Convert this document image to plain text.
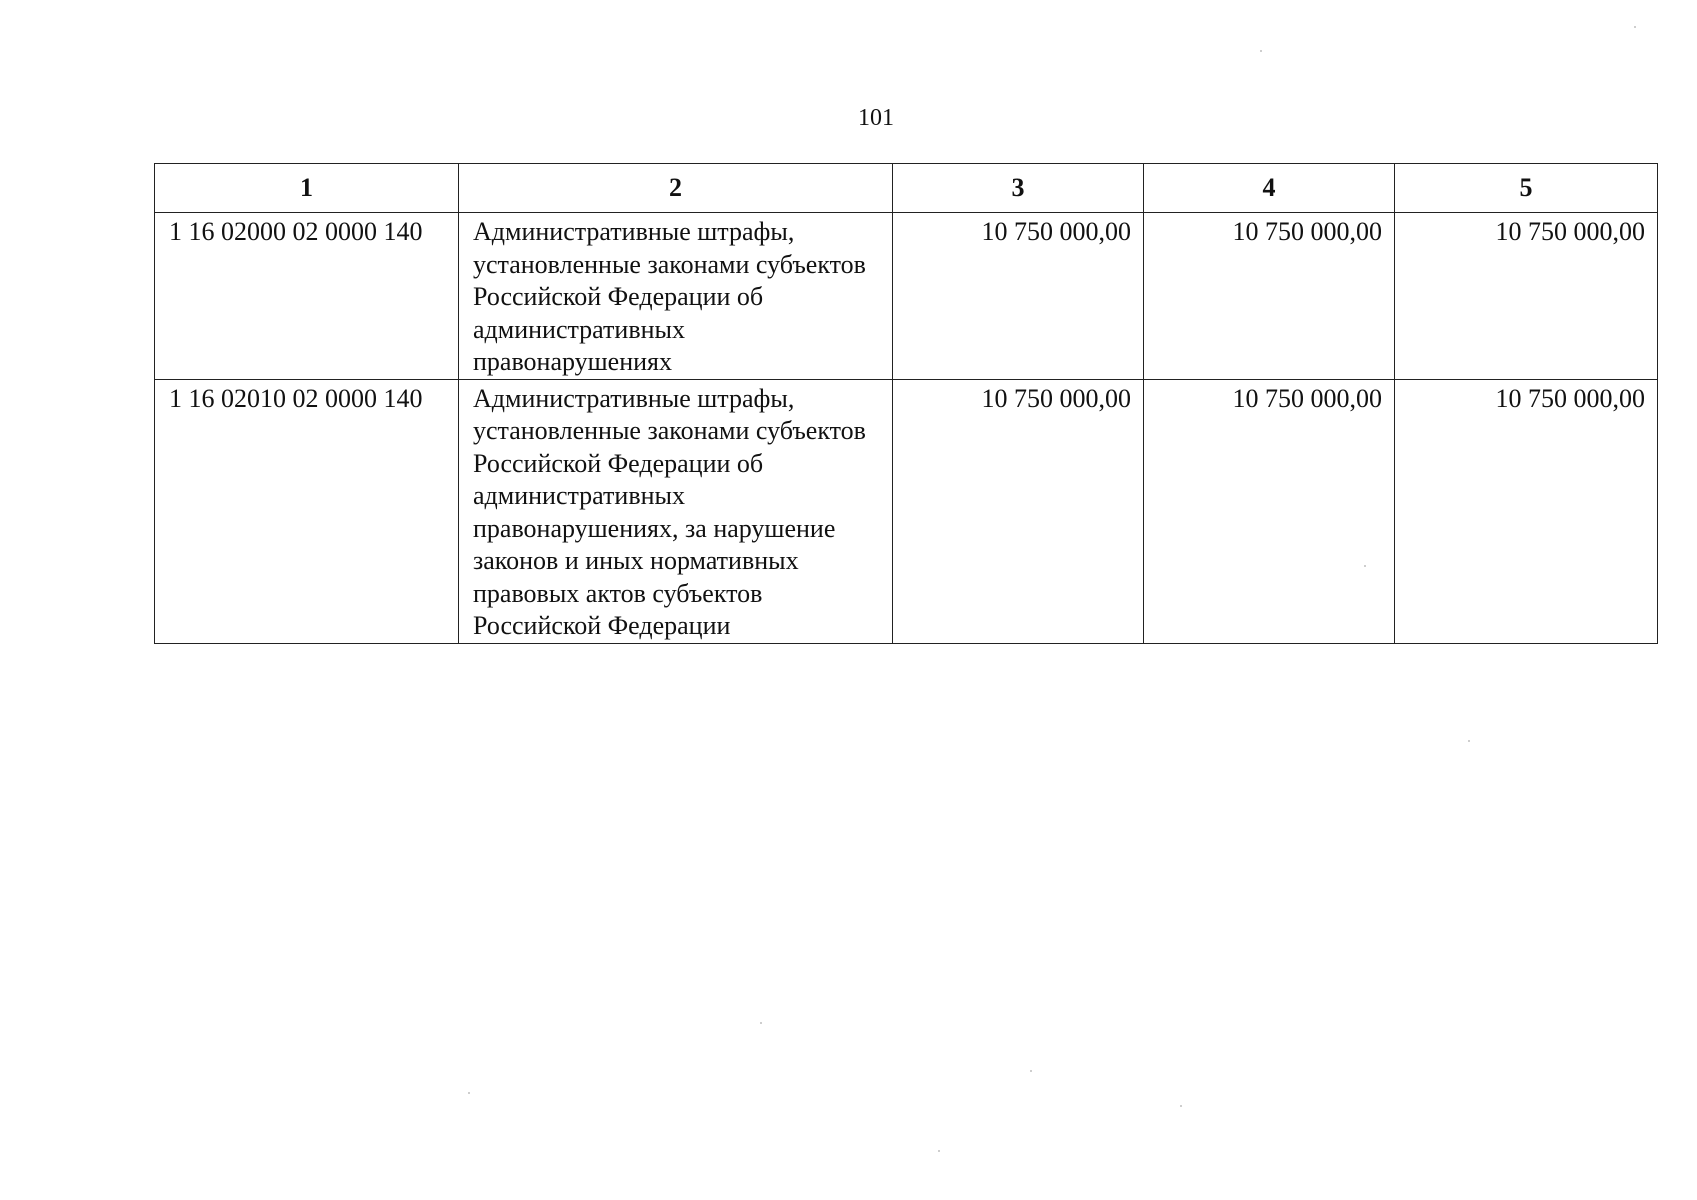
101
1	2	3	4	5
1 16 02000 02 0000 140	Административные штрафы, установленные законами субъектов Российской Федерации об административных правонарушениях	10 750 000,00	10 750 000,00	10 750 000,00
1 16 02010 02 0000 140	Административные штрафы, установленные законами субъектов Российской Федерации об административных правонарушениях, за нарушение законов и иных нормативных правовых актов субъектов Российской Федерации	10 750 000,00	10 750 000,00	10 750 000,00
